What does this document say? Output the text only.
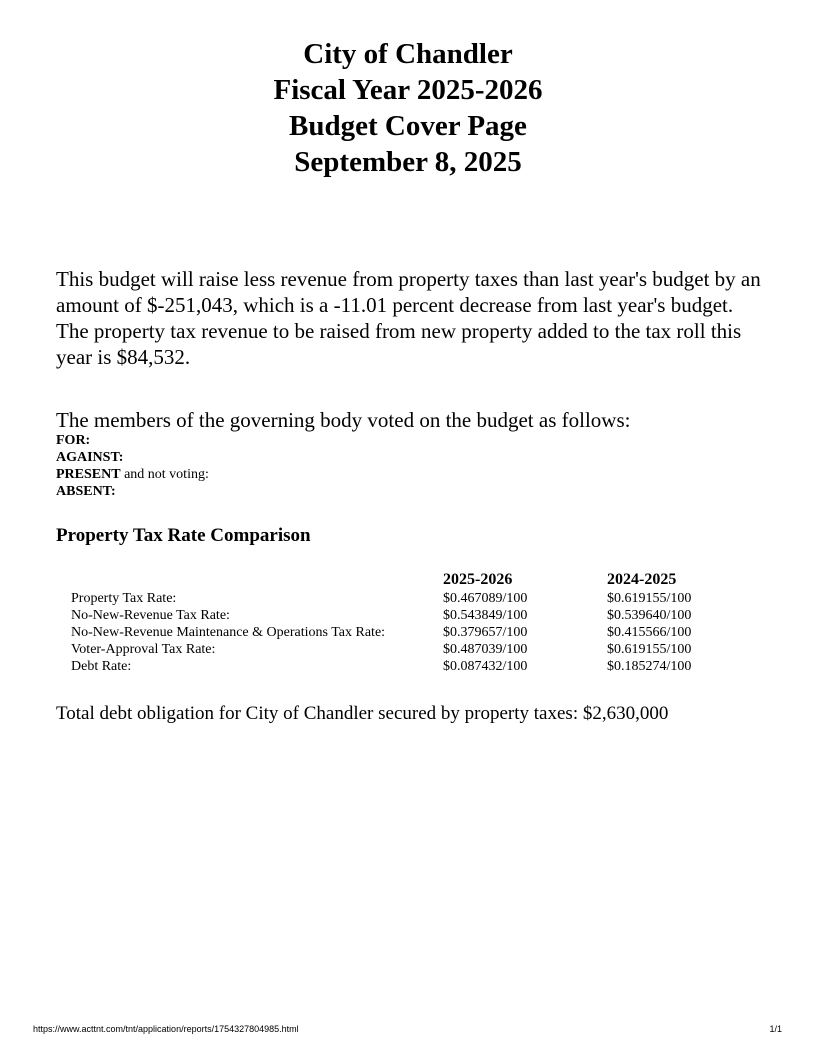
City of Chandler
Fiscal Year 2025-2026
Budget Cover Page
September 8, 2025
This budget will raise less revenue from property taxes than last year's budget by an amount of $-251,043, which is a -11.01 percent decrease from last year's budget. The property tax revenue to be raised from new property added to the tax roll this year is $84,532.
The members of the governing body voted on the budget as follows:
FOR:
AGAINST:
PRESENT and not voting:
ABSENT:
Property Tax Rate Comparison
	2025-2026	2024-2025
Property Tax Rate:	$0.467089/100	$0.619155/100
No-New-Revenue Tax Rate:	$0.543849/100	$0.539640/100
No-New-Revenue Maintenance & Operations Tax Rate:	$0.379657/100	$0.415566/100
Voter-Approval Tax Rate:	$0.487039/100	$0.619155/100
Debt Rate:	$0.087432/100	$0.185274/100
Total debt obligation for City of Chandler secured by property taxes: $2,630,000
https://www.acttnt.com/tnt/application/reports/1754327804985.html	1/1
